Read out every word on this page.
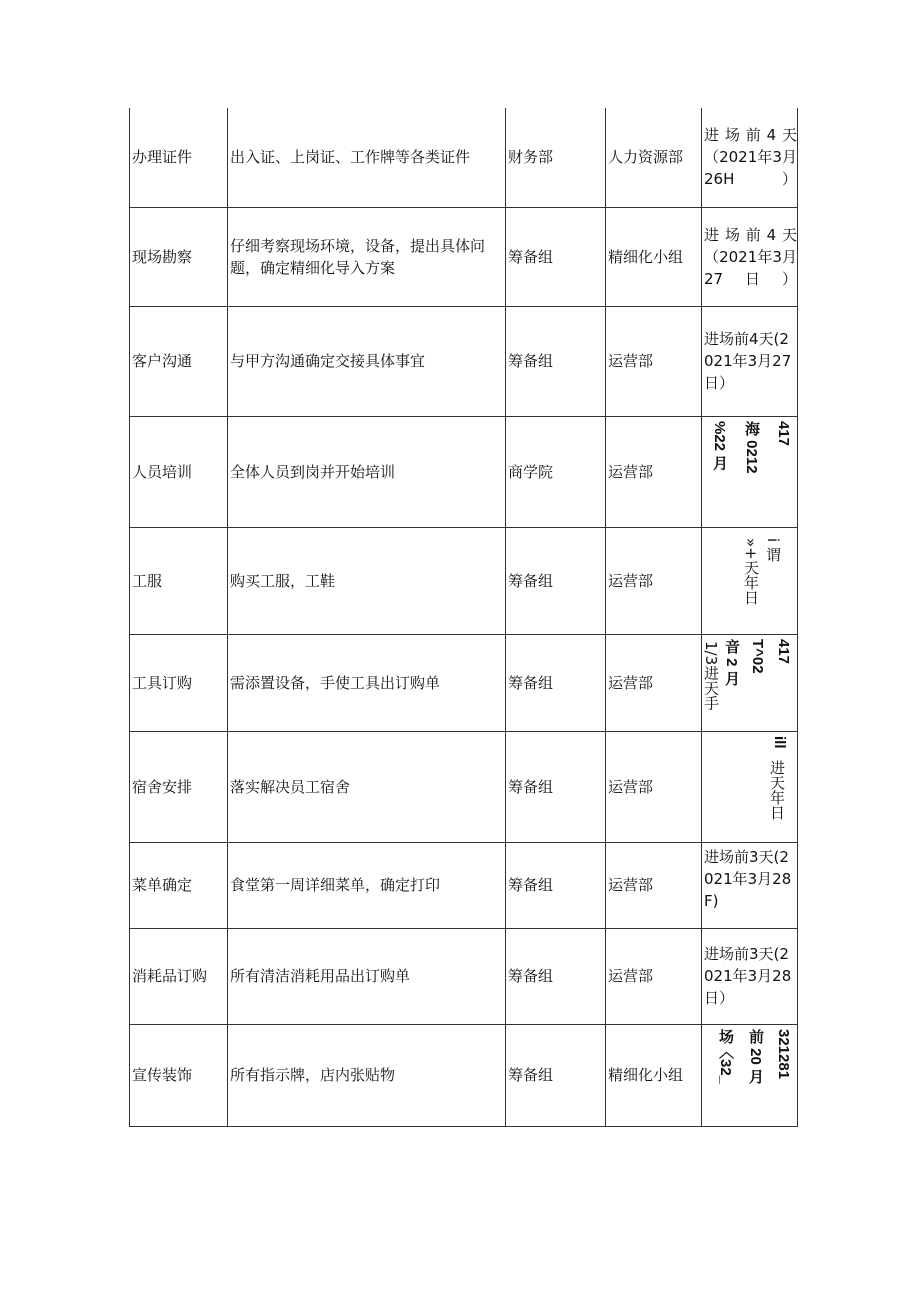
办理证件	出入证、上岗证、工作牌等各类证件	财务部	人力资源部	进场前4天（2021年3月26H）

现场勘察	仔细考察现场环境，设备，提出具体问题，确定精细化导入方案	筹备组	精细化小组	进场前4天（2021年3月27日）

客户沟通	与甲方沟通确定交接具体事宜	筹备组	运营部	进场前4天(2021年3月27日）

人员培训	全体人员到岗并开始培训	商学院	运营部	417
海 0212
%22 月

工服	购买工服，工鞋	筹备组	运营部	i 谓
»+天年日

工具订购	需添置设备，手使工具出订购单	筹备组	运营部	417
T^02
音 2 月
1/3进天手

宿舍安排	落实解决员工宿舍	筹备组	运营部	ill
进天年日

菜单确定	食堂第一周详细菜单，确定打印	筹备组	运营部	进场前3天(2021年3月28 F)

消耗品订购	所有清洁消耗用品出订购单	筹备组	运营部	进场前3天(2021年3月28日）

宣传装饰	所有指示牌，店内张贴物	筹备组	精细化小组	321281
前 20 月
场〈32_
